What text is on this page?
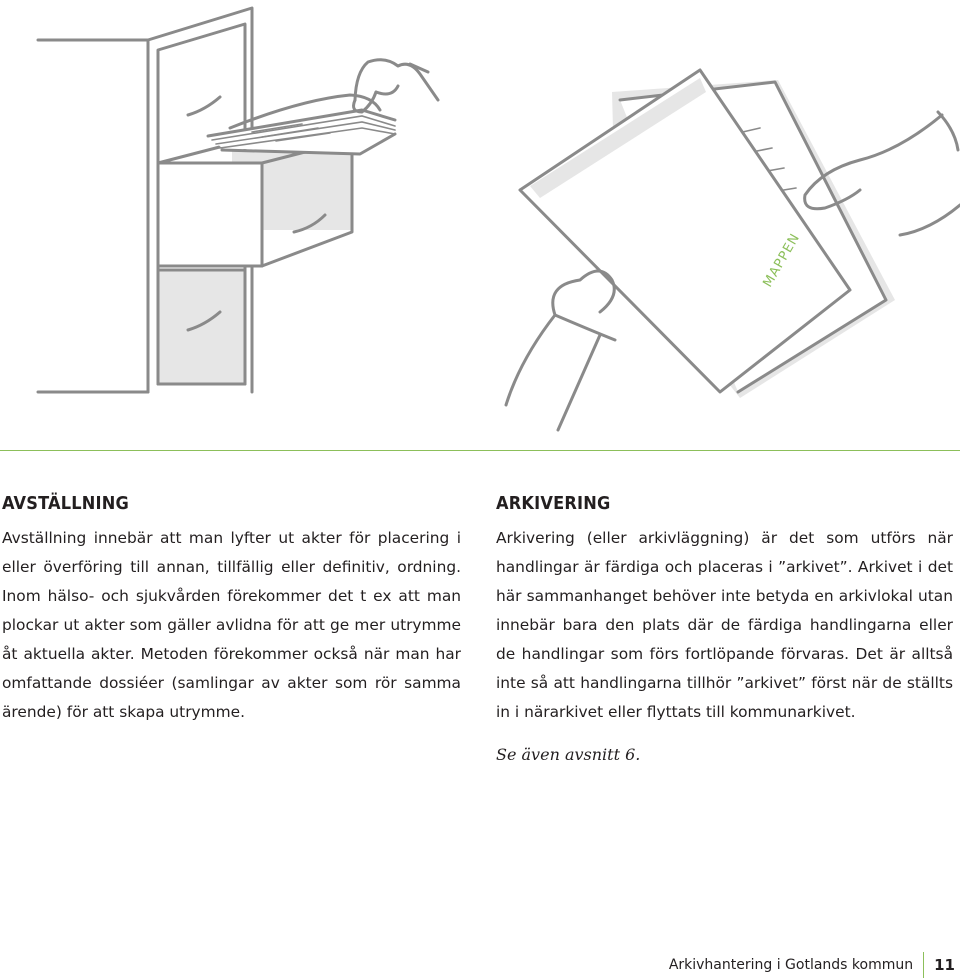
MAPPEN
AVSTÄLLNING

Avställning innebär att man lyfter ut akter för placering i eller överföring till annan, tillfällig eller definitiv, ordning. Inom hälso- och sjukvården förekommer det t ex att man plockar ut akter som gäller avlidna för att ge mer utrymme åt aktuella akter. Metoden förekommer också när man har omfattande dossiéer (samlingar av akter som rör samma ärende) för att skapa utrymme.

ARKIVERING

Arkivering (eller arkivläggning) är det som utförs när handlingar är färdiga och placeras i ”arkivet”. Arkivet i det här sammanhanget behöver inte betyda en arkivlokal utan innebär bara den plats där de färdiga handlingarna eller de handlingar som förs fortlöpande förvaras. Det är alltså inte så att handlingarna tillhör ”arkivet” först när de ställts in i närarkivet eller flyttats till kommunarkivet.

Se även avsnitt 6.

Arkivhantering i Gotlands kommun 11
